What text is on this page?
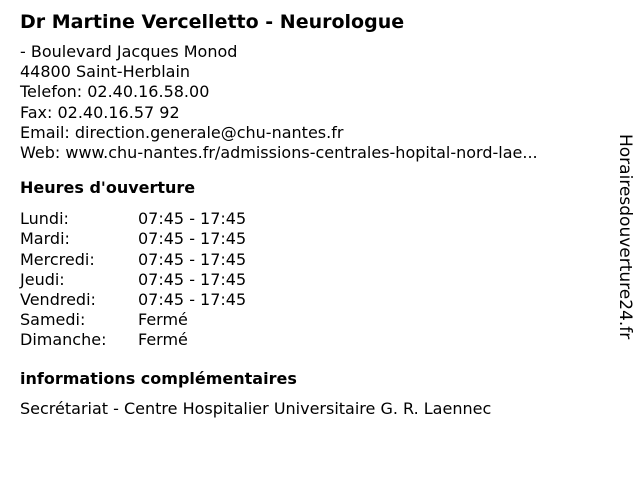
Dr Martine Vercelletto - Neurologue
- Boulevard Jacques Monod
44800 Saint-Herblain
Telefon: 02.40.16.58.00
Fax: 02.40.16.57 92
Email: direction.generale@chu-nantes.fr
Web: www.chu-nantes.fr/admissions-centrales-hopital-nord-lae...
Heures d'ouverture
Lundi:	07:45 - 17:45
Mardi:	07:45 - 17:45
Mercredi:	07:45 - 17:45
Jeudi:	07:45 - 17:45
Vendredi:	07:45 - 17:45
Samedi:	Fermé
Dimanche: Fermé
informations complémentaires
Secrétariat - Centre Hospitalier Universitaire G. R. Laennec
Horairesdouverture24.fr
